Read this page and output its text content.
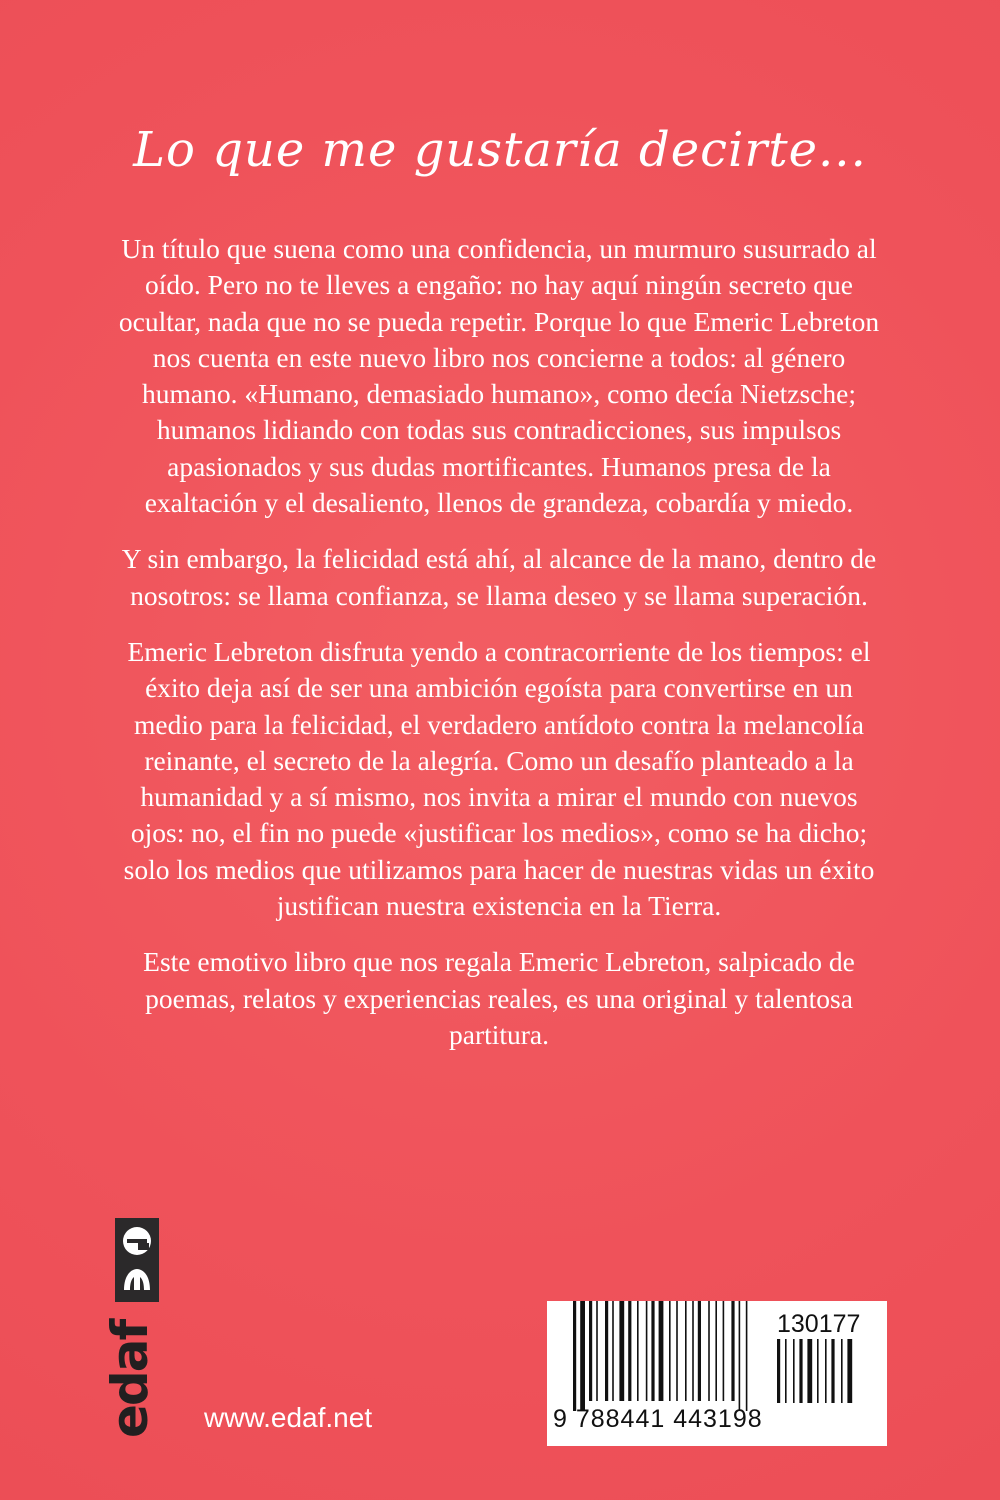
Lo que me gustaría decirte...

Un título que suena como una confidencia, un murmuro susurrado al oído. Pero no te lleves a engaño: no hay aquí ningún secreto que ocultar, nada que no se pueda repetir. Porque lo que Emeric Lebreton nos cuenta en este nuevo libro nos concierne a todos: al género humano. «Humano, demasiado humano», como decía Nietzsche; humanos lidiando con todas sus contradicciones, sus impulsos apasionados y sus dudas mortificantes. Humanos presa de la exaltación y el desaliento, llenos de grandeza, cobardía y miedo.

Y sin embargo, la felicidad está ahí, al alcance de la mano, dentro de nosotros: se llama confianza, se llama deseo y se llama superación.

Emeric Lebreton disfruta yendo a contracorriente de los tiempos: el éxito deja así de ser una ambición egoísta para convertirse en un medio para la felicidad, el verdadero antídoto contra la melancolía reinante, el secreto de la alegría. Como un desafío planteado a la humanidad y a sí mismo, nos invita a mirar el mundo con nuevos ojos: no, el fin no puede «justificar los medios», como se ha dicho; solo los medios que utilizamos para hacer de nuestras vidas un éxito justifican nuestra existencia en la Tierra.

Este emotivo libro que nos regala Emeric Lebreton, salpicado de poemas, relatos y experiencias reales, es una original y talentosa partitura.

edaf www.edaf.net
130177
9 788441 443198
